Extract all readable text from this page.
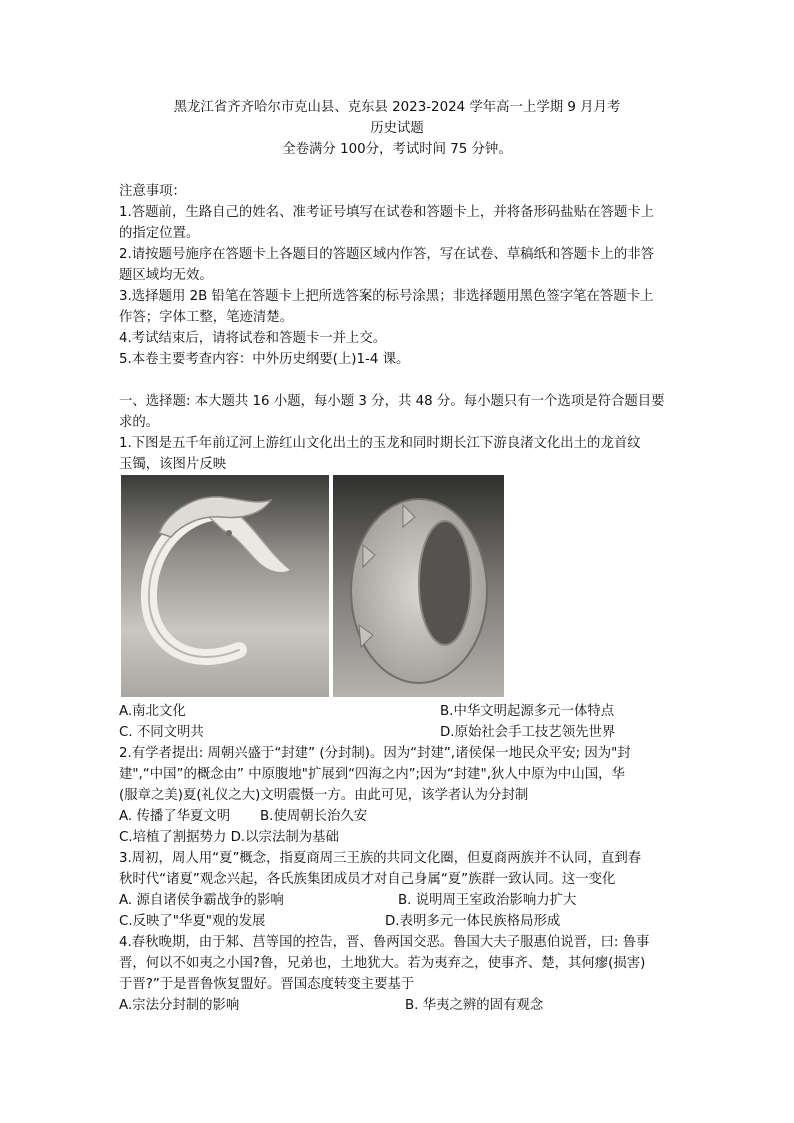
黑龙江省齐齐哈尔市克山县、克东县 2023-2024 学年高一上学期 9 月月考
历史试题
全卷满分 100分，考试时间 75 分钟。
注意事项：
1.答题前，生路自己的姓名、准考证号填写在试卷和答题卡上，并将备形码盐贴在答题卡上
的指定位置。
2.请按题号施序在答题卡上各题目的答题区域内作答，写在试卷、草稿纸和答题卡上的非答
题区域均无效。
3.选择题用 2B 铅笔在答题卡上把所选答案的标号涂黑；非选择题用黑色签字笔在答题卡上
作答；字体工整，笔迹清楚。
4.考试结束后，请将试卷和答题卡一并上交。
5.本卷主要考查内容：中外历史纲要(上)1-4 课。
一、选择题: 本大题共 16 小题，每小题 3 分，共 48 分。每小题只有一个选项是符合题目要
求的。
1.下图是五千年前辽河上游红山文化出土的玉龙和同时期长江下游良渚文化出土的龙首纹
玉镯，该图片反映
A.南北文化	B.中华文明起源多元一体特点
C. 不同文明共	D.原始社会手工技艺领先世界
2.有学者提出: 周朝兴盛于“封建” (分封制)。因为“封建”,诸侯保一地民众平安; 因为"封
建",“中国”的概念由” 中原腹地"扩展到“四海之内”;因为“封建",狄人中原为中山国，华
(服章之美)夏(礼仪之大)文明震慑一方。由此可见，该学者认为分封制
A. 传播了华夏文明 B.使周朝长治久安
C.培植了割据势力 D.以宗法制为基础
3.周初，周人用“夏”概念，指夏商周三王族的共同文化圈，但夏商两族并不认同，直到春
秋时代“诸夏”观念兴起，各氏族集团成员才对自己身属“夏”族群一致认同。这一变化
A. 源自诸侯争霸战争的影响	B. 说明周王室政治影响力扩大
C.反映了"华夏"观的发展	D.表明多元一体民族格局形成
4.春秋晚期，由于邾、莒等国的控告，晋、鲁两国交恶。鲁国大夫子服惠伯说晋，曰: 鲁事
晋，何以不如夷之小国?鲁，兄弟也，土地犹大。若为夷弃之，使事齐、楚，其何瘳(损害)
于晋?”于是晋鲁恢复盟好。晋国态度转变主要基于
A.宗法分封制的影响	B. 华夷之辨的固有观念
